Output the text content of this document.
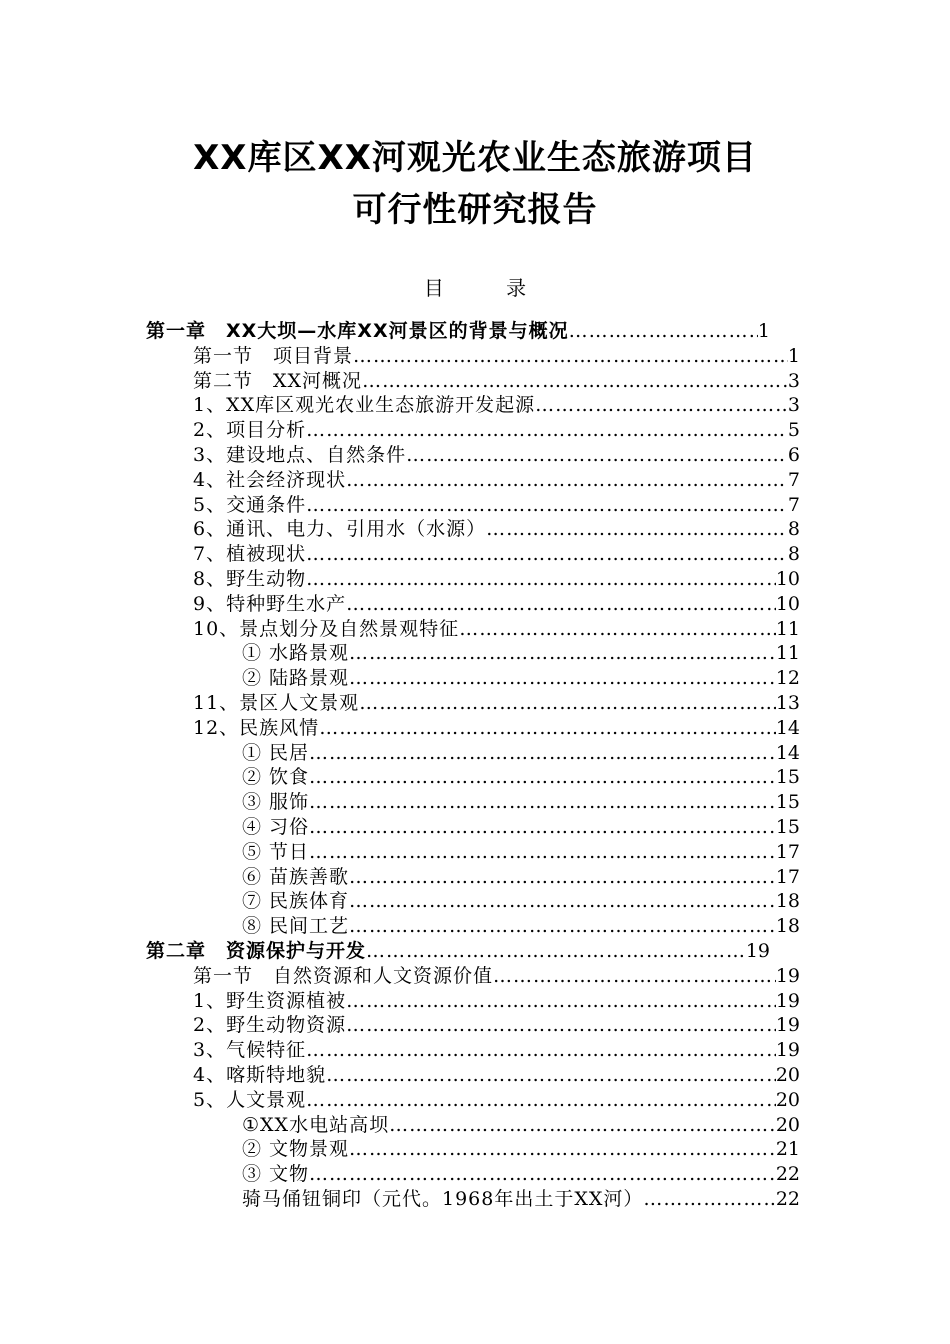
XX库区XX河观光农业生态旅游项目
可行性研究报告
目 录
第一章　XX大坝—水库XX河景区的背景与概况 ………………………………………………………………………………………………………………………………………	1
第一节　项目背景 ………………………………………………………………………………………………………………………………………	1
第二节　XX河概况 ………………………………………………………………………………………………………………………………………	3
1、XX库区观光农业生态旅游开发起源 ………………………………………………………………………………………………………………………………………	3
2、项目分析 ………………………………………………………………………………………………………………………………………	5
3、建设地点、自然条件 ………………………………………………………………………………………………………………………………………	6
4、社会经济现状 ………………………………………………………………………………………………………………………………………	7
5、交通条件 ………………………………………………………………………………………………………………………………………	7
6、通讯、电力、引用水（水源） ………………………………………………………………………………………………………………………………………	8
7、植被现状 ………………………………………………………………………………………………………………………………………	8
8、野生动物 ………………………………………………………………………………………………………………………………………	10
9、特种野生水产 ………………………………………………………………………………………………………………………………………	10
10、景点划分及自然景观特征 ………………………………………………………………………………………………………………………………………	11
① 水路景观 ………………………………………………………………………………………………………………………………………	11
② 陆路景观 ………………………………………………………………………………………………………………………………………	12
11、景区人文景观 ………………………………………………………………………………………………………………………………………	13
12、民族风情 ………………………………………………………………………………………………………………………………………	14
① 民居 ………………………………………………………………………………………………………………………………………	14
② 饮食 ………………………………………………………………………………………………………………………………………	15
③ 服饰 ………………………………………………………………………………………………………………………………………	15
④ 习俗 ………………………………………………………………………………………………………………………………………	15
⑤ 节日 ………………………………………………………………………………………………………………………………………	17
⑥ 苗族善歌 ………………………………………………………………………………………………………………………………………	17
⑦ 民族体育 ………………………………………………………………………………………………………………………………………	18
⑧ 民间工艺 ………………………………………………………………………………………………………………………………………	18
第二章　资源保护与开发 ………………………………………………………………………………………………………………………………………	19
第一节　自然资源和人文资源价值 ………………………………………………………………………………………………………………………………………	19
1、野生资源植被 ………………………………………………………………………………………………………………………………………	19
2、野生动物资源 ………………………………………………………………………………………………………………………………………	19
3、气候特征 ………………………………………………………………………………………………………………………………………	19
4、喀斯特地貌 ………………………………………………………………………………………………………………………………………	20
5、人文景观 ………………………………………………………………………………………………………………………………………	20
①XX水电站高坝 ………………………………………………………………………………………………………………………………………	20
② 文物景观 ………………………………………………………………………………………………………………………………………	21
③ 文物 ………………………………………………………………………………………………………………………………………	22
骑马俑钮铜印（元代。1968年出土于XX河） ………………………………………………………………………………………………………………………………………	22
